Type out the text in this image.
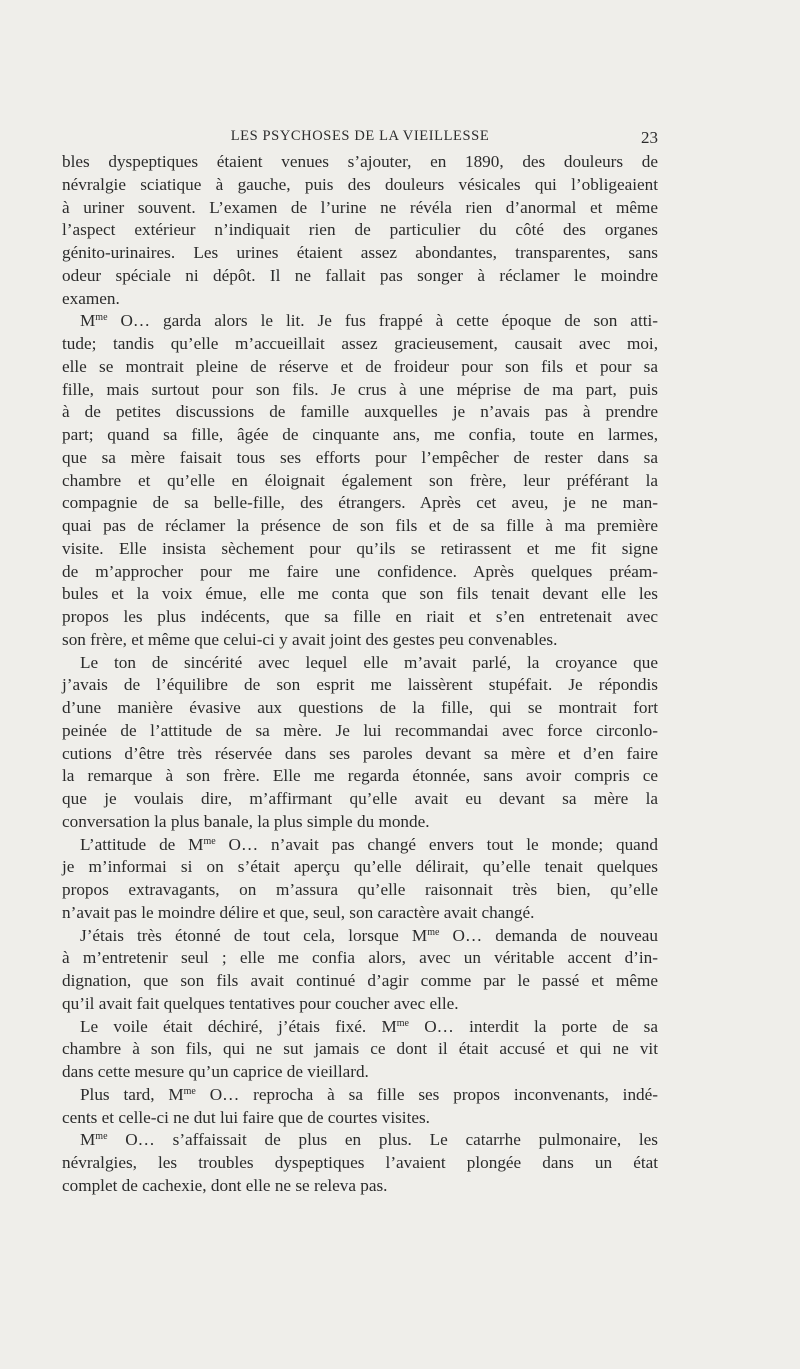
LES PSYCHOSES DE LA VIEILLESSE	23
bles dyspeptiques étaient venues s’ajouter, en 1890, des douleurs de
névralgie sciatique à gauche, puis des douleurs vésicales qui l’obligeaient
à uriner souvent. L’examen de l’urine ne révéla rien d’anormal et même
l’aspect extérieur n’indiquait rien de particulier du côté des organes
génito-urinaires. Les urines étaient assez abondantes, transparentes, sans
odeur spéciale ni dépôt. Il ne fallait pas songer à réclamer le moindre
examen.
$M^{me}$ O… garda alors le lit. Je fus frappé à cette époque de son atti-
tude; tandis qu’elle m’accueillait assez gracieusement, causait avec moi,
elle se montrait pleine de réserve et de froideur pour son fils et pour sa
fille, mais surtout pour son fils. Je crus à une méprise de ma part, puis
à de petites discussions de famille auxquelles je n’avais pas à prendre
part; quand sa fille, âgée de cinquante ans, me confia, toute en larmes,
que sa mère faisait tous ses efforts pour l’empêcher de rester dans sa
chambre et qu’elle en éloignait également son frère, leur préférant la
compagnie de sa belle-fille, des étrangers. Après cet aveu, je ne man-
quai pas de réclamer la présence de son fils et de sa fille à ma première
visite. Elle insista sèchement pour qu’ils se retirassent et me fit signe
de m’approcher pour me faire une confidence. Après quelques préam-
bules et la voix émue, elle me conta que son fils tenait devant elle les
propos les plus indécents, que sa fille en riait et s’en entretenait avec
son frère, et même que celui-ci y avait joint des gestes peu convenables.
Le ton de sincérité avec lequel elle m’avait parlé, la croyance que
j’avais de l’équilibre de son esprit me laissèrent stupéfait. Je répondis
d’une manière évasive aux questions de la fille, qui se montrait fort
peinée de l’attitude de sa mère. Je lui recommandai avec force circonlo-
cutions d’être très réservée dans ses paroles devant sa mère et d’en faire
la remarque à son frère. Elle me regarda étonnée, sans avoir compris ce
que je voulais dire, m’affirmant qu’elle avait eu devant sa mère la
conversation la plus banale, la plus simple du monde.
L’attitude de $M^{me}$ O… n’avait pas changé envers tout le monde; quand
je m’informai si on s’était aperçu qu’elle délirait, qu’elle tenait quelques
propos extravagants, on m’assura qu’elle raisonnait très bien, qu’elle
n’avait pas le moindre délire et que, seul, son caractère avait changé.
J’étais très étonné de tout cela, lorsque $M^{me}$ O… demanda de nouveau
à m’entretenir seul ; elle me confia alors, avec un véritable accent d’in-
dignation, que son fils avait continué d’agir comme par le passé et même
qu’il avait fait quelques tentatives pour coucher avec elle.
Le voile était déchiré, j’étais fixé. $M^{me}$ O… interdit la porte de sa
chambre à son fils, qui ne sut jamais ce dont il était accusé et qui ne vit
dans cette mesure qu’un caprice de vieillard.
Plus tard, $M^{me}$ O… reprocha à sa fille ses propos inconvenants, indé-
cents et celle-ci ne dut lui faire que de courtes visites.
$M^{me}$ O… s’affaissait de plus en plus. Le catarrhe pulmonaire, les
névralgies, les troubles dyspeptiques l’avaient plongée dans un état
complet de cachexie, dont elle ne se releva pas.
